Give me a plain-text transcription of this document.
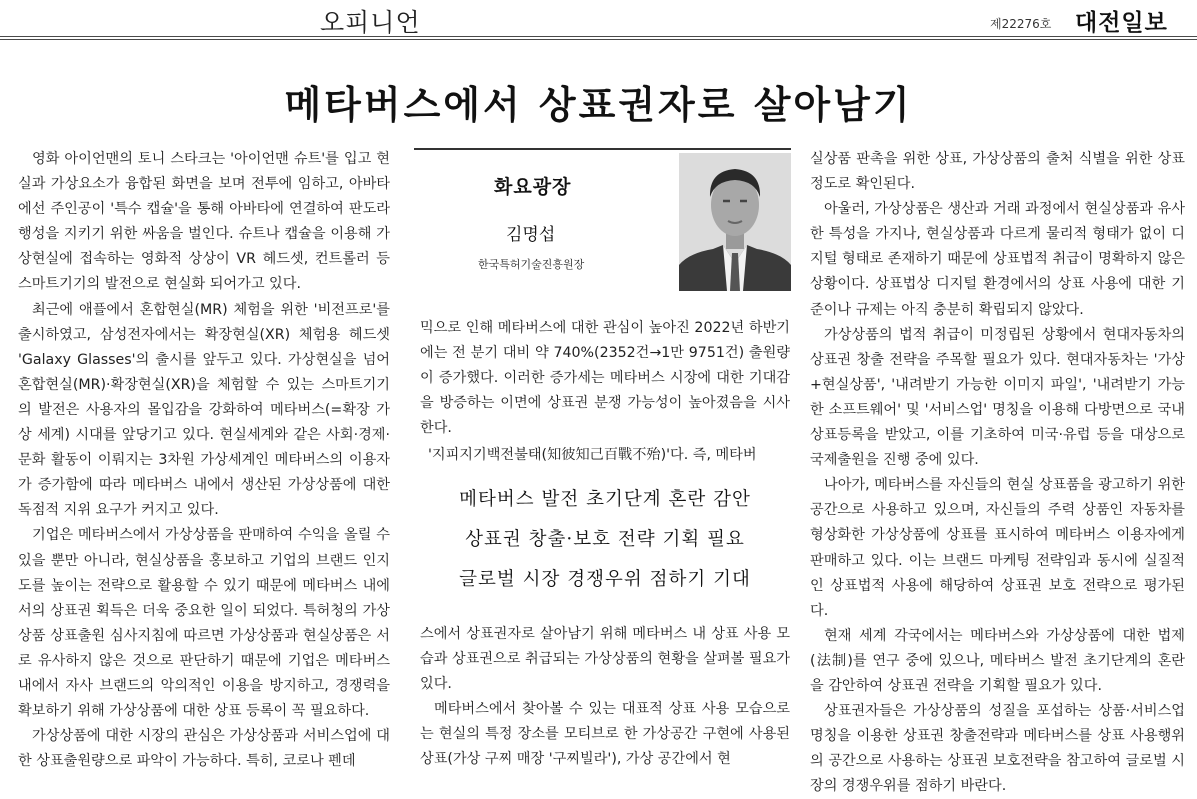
오피니언	제22276호 대전일보
메타버스에서 상표권자로 살아남기

영화 아이언맨의 토니 스타크는 '아이언맨 슈트'를 입고 현실과 가상요소가 융합된 화면을 보며 전투에 임하고, 아바타에선 주인공이 '특수 캡슐'을 통해 아바타에 연결하여 판도라 행성을 지키기 위한 싸움을 벌인다. 슈트나 캡슐을 이용해 가상현실에 접속하는 영화적 상상이 VR 헤드셋, 컨트롤러 등 스마트기기의 발전으로 현실화 되어가고 있다.

최근에 애플에서 혼합현실(MR) 체험을 위한 '비전프로'를 출시하였고, 삼성전자에서는 확장현실(XR) 체험용 헤드셋 'Galaxy Glasses'의 출시를 앞두고 있다. 가상현실을 넘어 혼합현실(MR)·확장현실(XR)을 체험할 수 있는 스마트기기의 발전은 사용자의 몰입감을 강화하여 메타버스(=확장 가상 세계) 시대를 앞당기고 있다. 현실세계와 같은 사회·경제·문화 활동이 이뤄지는 3차원 가상세계인 메타버스의 이용자가 증가함에 따라 메타버스 내에서 생산된 가상상품에 대한 독점적 지위 요구가 커지고 있다.

기업은 메타버스에서 가상상품을 판매하여 수익을 올릴 수 있을 뿐만 아니라, 현실상품을 홍보하고 기업의 브랜드 인지도를 높이는 전략으로 활용할 수 있기 때문에 메타버스 내에서의 상표권 획득은 더욱 중요한 일이 되었다. 특허청의 가상상품 상표출원 심사지침에 따르면 가상상품과 현실상품은 서로 유사하지 않은 것으로 판단하기 때문에 기업은 메타버스 내에서 자사 브랜드의 악의적인 이용을 방지하고, 경쟁력을 확보하기 위해 가상상품에 대한 상표 등록이 꼭 필요하다.

가상상품에 대한 시장의 관심은 가상상품과 서비스업에 대한 상표출원량으로 파악이 가능하다. 특히, 코로나 펜데

화요광장
김명섭
한국특허기술진흥원장

믹으로 인해 메타버스에 대한 관심이 높아진 2022년 하반기에는 전 분기 대비 약 740%(2352건→1만 9751건) 출원량이 증가했다. 이러한 증가세는 메타버스 시장에 대한 기대감을 방증하는 이면에 상표권 분쟁 가능성이 높아졌음을 시사한다.

'지피지기백전불태(知彼知己百戰不殆)'다. 즉, 메타버

메타버스 발전 초기단계 혼란 감안
상표권 창출·보호 전략 기획 필요
글로벌 시장 경쟁우위 점하기 기대

스에서 상표권자로 살아남기 위해 메타버스 내 상표 사용 모습과 상표권으로 취급되는 가상상품의 현황을 살펴볼 필요가 있다.

메타버스에서 찾아볼 수 있는 대표적 상표 사용 모습으로는 현실의 특정 장소를 모티브로 한 가상공간 구현에 사용된 상표(가상 구찌 매장 '구찌빌라'), 가상 공간에서 현

실상품 판촉을 위한 상표, 가상상품의 출처 식별을 위한 상표 정도로 확인된다.

아울러, 가상상품은 생산과 거래 과정에서 현실상품과 유사한 특성을 가지나, 현실상품과 다르게 물리적 형태가 없이 디지털 형태로 존재하기 때문에 상표법적 취급이 명확하지 않은 상황이다. 상표법상 디지털 환경에서의 상표 사용에 대한 기준이나 규제는 아직 충분히 확립되지 않았다.

가상상품의 법적 취급이 미정립된 상황에서 현대자동차의 상표권 창출 전략을 주목할 필요가 있다. 현대자동차는 '가상+현실상품', '내려받기 가능한 이미지 파일', '내려받기 가능한 소프트웨어' 및 '서비스업' 명칭을 이용해 다방면으로 국내 상표등록을 받았고, 이를 기초하여 미국·유럽 등을 대상으로 국제출원을 진행 중에 있다.

나아가, 메타버스를 자신들의 현실 상표품을 광고하기 위한 공간으로 사용하고 있으며, 자신들의 주력 상품인 자동차를 형상화한 가상상품에 상표를 표시하여 메타버스 이용자에게 판매하고 있다. 이는 브랜드 마케팅 전략임과 동시에 실질적인 상표법적 사용에 해당하여 상표권 보호 전략으로 평가된다.

현재 세계 각국에서는 메타버스와 가상상품에 대한 법제(法制)를 연구 중에 있으나, 메타버스 발전 초기단계의 혼란을 감안하여 상표권 전략을 기획할 필요가 있다.

상표권자들은 가상상품의 성질을 포섭하는 상품·서비스업 명칭을 이용한 상표권 창출전략과 메타버스를 상표 사용행위의 공간으로 사용하는 상표권 보호전략을 참고하여 글로벌 시장의 경쟁우위를 점하기 바란다.
